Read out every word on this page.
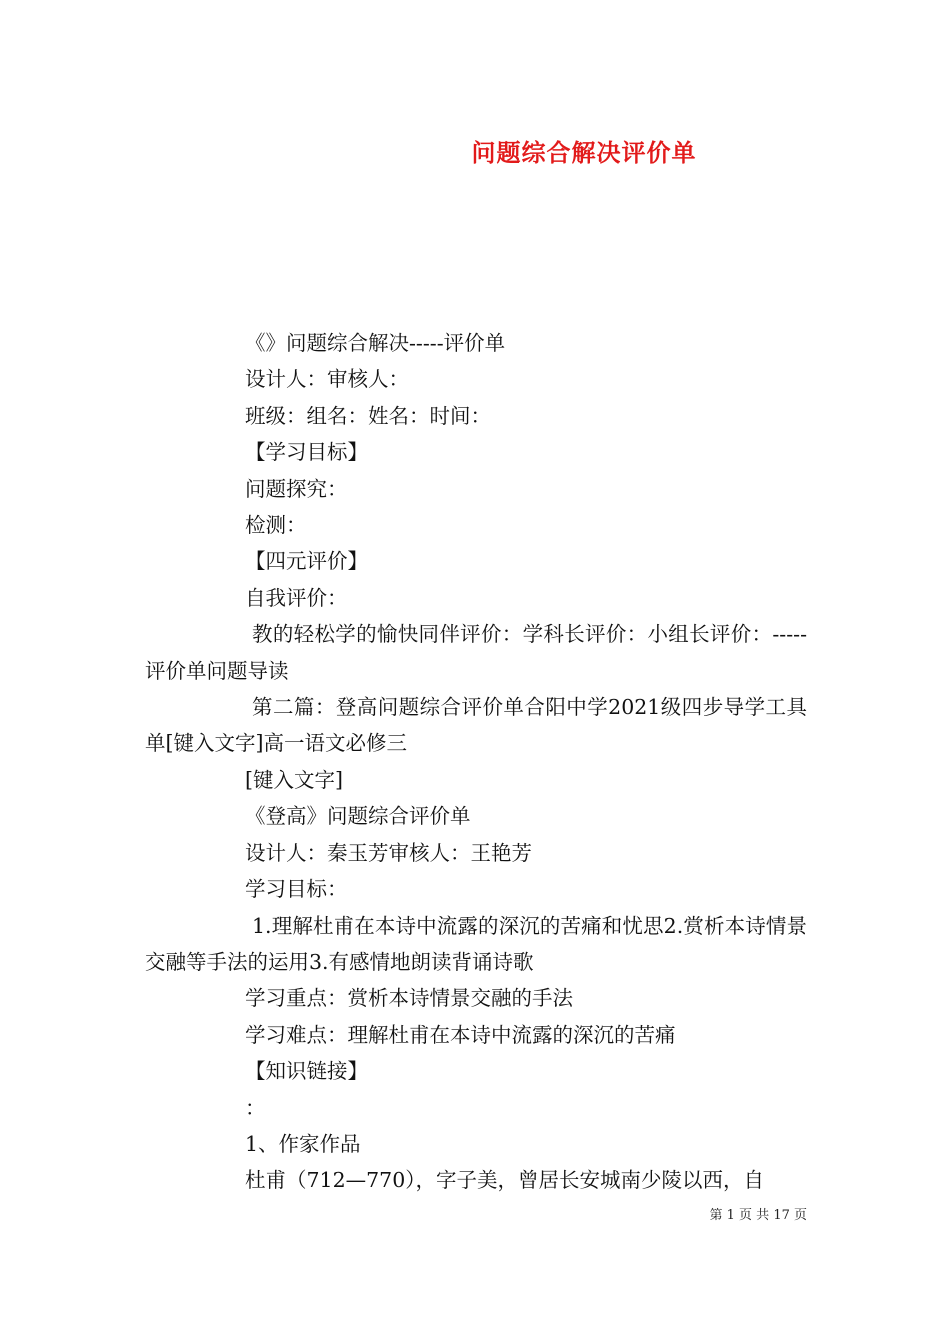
问题综合解决评价单
《》问题综合解决-----评价单
设计人：审核人：
班级：组名：姓名：时间：
【学习目标】
问题探究：
检测：
【四元评价】
自我评价：
教的轻松学的愉快同伴评价：学科长评价：小组长评价：-----评价单问题导读
第二篇：登高问题综合评价单合阳中学2021级四步导学工具单[键入文字]高一语文必修三
[键入文字]
《登高》问题综合评价单
设计人：秦玉芳审核人：王艳芳
学习目标：
1.理解杜甫在本诗中流露的深沉的苦痛和忧思2.赏析本诗情景交融等手法的运用3.有感情地朗读背诵诗歌
学习重点：赏析本诗情景交融的手法
学习难点：理解杜甫在本诗中流露的深沉的苦痛
【知识链接】
：
1、作家作品
杜甫（712—770），字子美，曾居长安城南少陵以西，自
第 1 页 共 17 页
